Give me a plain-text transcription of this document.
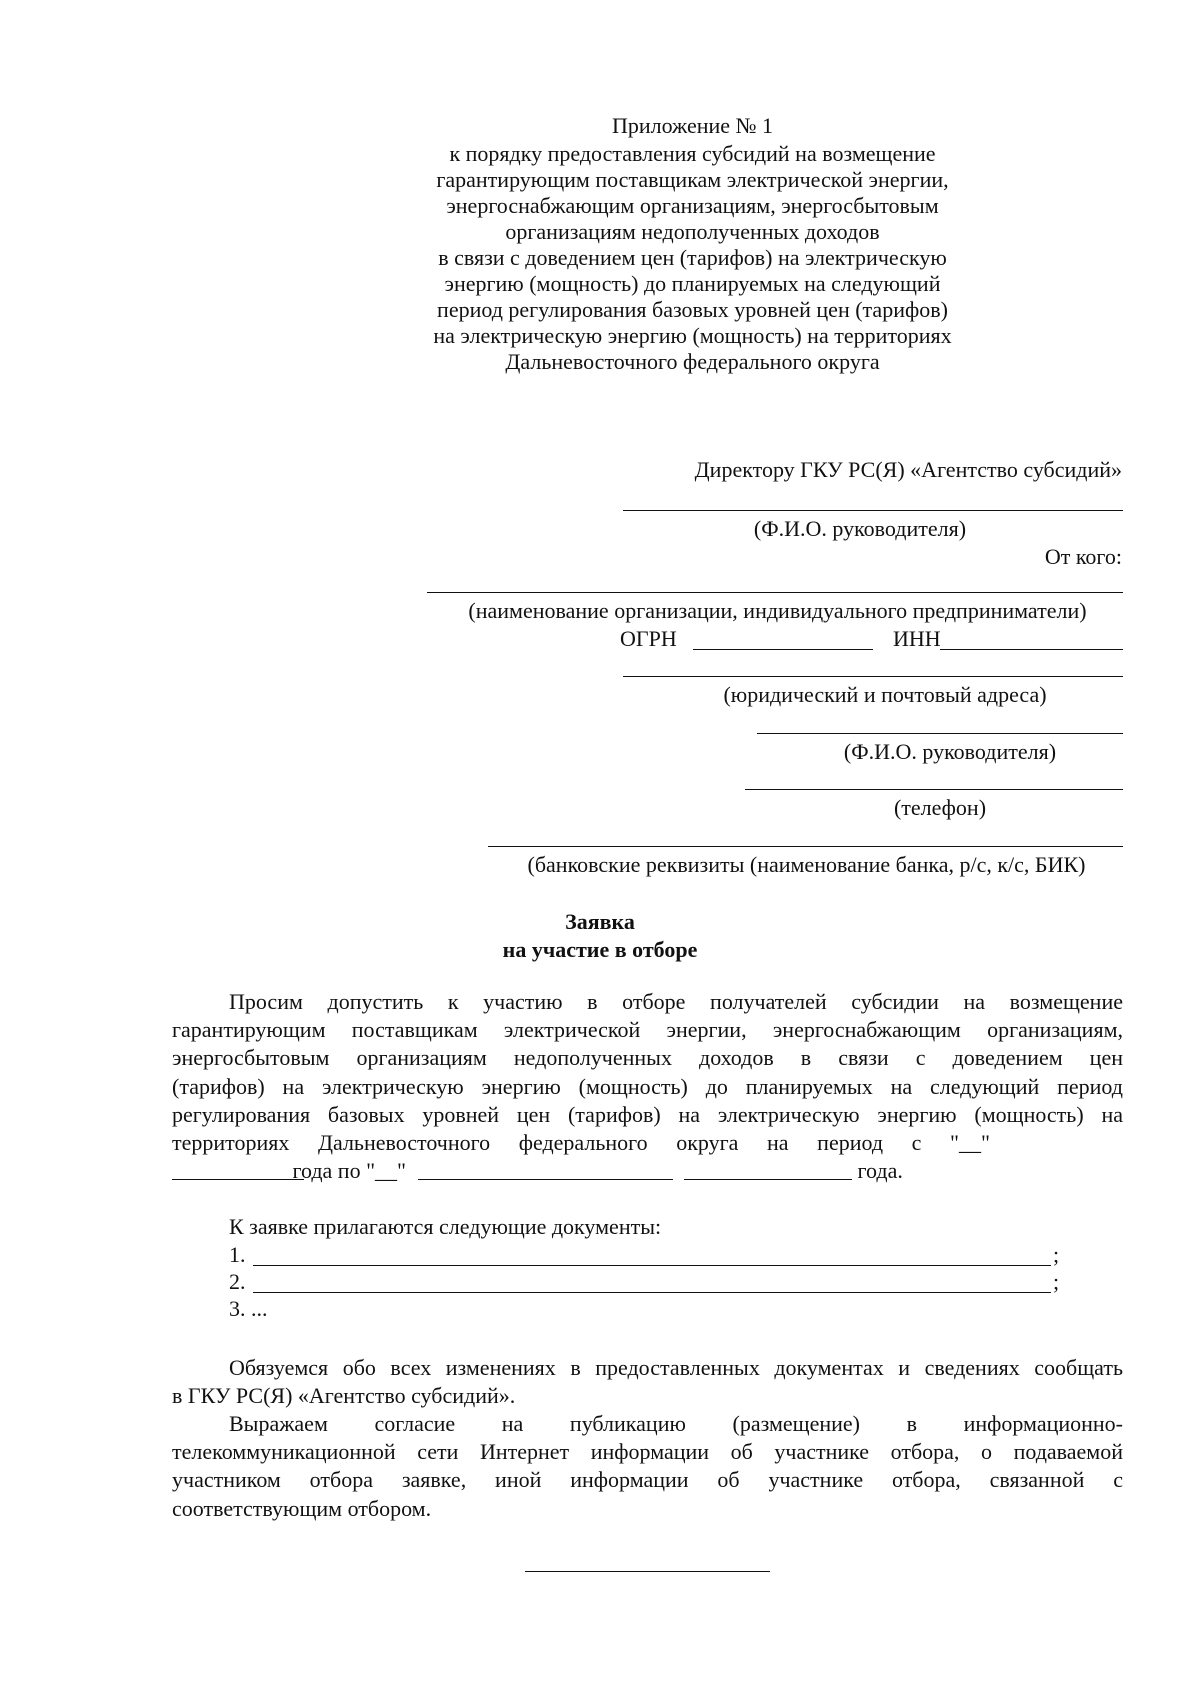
Приложение № 1
к порядку предоставления субсидий на возмещение
гарантирующим поставщикам электрической энергии,
энергоснабжающим организациям, энергосбытовым
организациям недополученных доходов
в связи с доведением цен (тарифов) на электрическую
энергию (мощность) до планируемых на следующий
период регулирования базовых уровней цен (тарифов)
на электрическую энергию (мощность) на территориях
Дальневосточного федерального округа
Директору ГКУ РС(Я) «Агентство субсидий»
(Ф.И.О. руководителя)
От кого:
(наименование организации, индивидуального предприниматели)
ОГРН	ИНН
(юридический и почтовый адреса)
(Ф.И.О. руководителя)
(телефон)
(банковские реквизиты (наименование банка, р/с, к/с, БИК)
Заявка
на участие в отборе
Просим допустить к участию в отборе получателей субсидии на возмещение
гарантирующим поставщикам электрической энергии, энергоснабжающим организациям,
энергосбытовым организациям недополученных доходов в связи с доведением цен
(тарифов) на электрическую энергию (мощность) до планируемых на следующий период
регулирования базовых уровней цен (тарифов) на электрическую энергию (мощность) на
территориях Дальневосточного федерального округа на период с "__"
года по "__"	года.
К заявке прилагаются следующие документы:
1.	;
2.	;
3. ...
Обязуемся обо всех изменениях в предоставленных документах и сведениях сообщать
в ГКУ РС(Я) «Агентство субсидий».
Выражаем согласие на публикацию (размещение) в информационно-
телекоммуникационной сети Интернет информации об участнике отбора, о подаваемой
участником отбора заявке, иной информации об участнике отбора, связанной с
соответствующим отбором.
